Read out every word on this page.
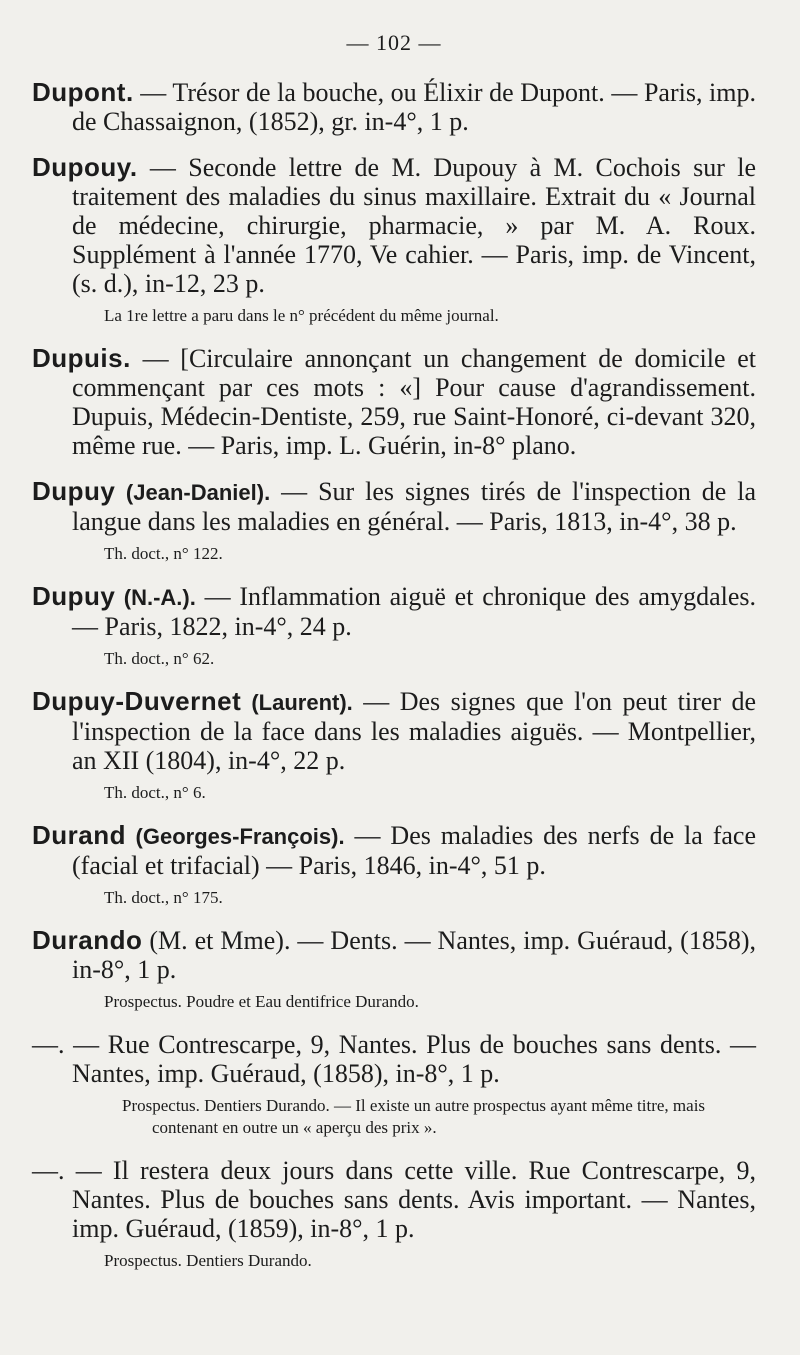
— 102 —
Dupont. — Trésor de la bouche, ou Élixir de Dupont. — Paris, imp. de Chassaignon, (1852), gr. in-4°, 1 p.
Dupouy. — Seconde lettre de M. Dupouy à M. Cochois sur le traitement des maladies du sinus maxillaire. Extrait du « Journal de médecine, chirurgie, pharmacie, » par M. A. Roux. Supplément à l'année 1770, Ve cahier. — Paris, imp. de Vincent, (s. d.), in-12, 23 p.
La 1re lettre a paru dans le n° précédent du même journal.
Dupuis. — [Circulaire annonçant un changement de domicile et commençant par ces mots : «] Pour cause d'agrandissement. Dupuis, Médecin-Dentiste, 259, rue Saint-Honoré, ci-devant 320, même rue. — Paris, imp. L. Guérin, in-8° plano.
Dupuy (Jean-Daniel). — Sur les signes tirés de l'inspection de la langue dans les maladies en général. — Paris, 1813, in-4°, 38 p.
Th. doct., n° 122.
Dupuy (N.-A.). — Inflammation aiguë et chronique des amygdales. — Paris, 1822, in-4°, 24 p.
Th. doct., n° 62.
Dupuy-Duvernet (Laurent). — Des signes que l'on peut tirer de l'inspection de la face dans les maladies aiguës. — Montpellier, an XII (1804), in-4°, 22 p.
Th. doct., n° 6.
Durand (Georges-François). — Des maladies des nerfs de la face (facial et trifacial) — Paris, 1846, in-4°, 51 p.
Th. doct., n° 175.
Durando (M. et Mme). — Dents. — Nantes, imp. Guéraud, (1858), in-8°, 1 p.
Prospectus. Poudre et Eau dentifrice Durando.
—. — Rue Contrescarpe, 9, Nantes. Plus de bouches sans dents. — Nantes, imp. Guéraud, (1858), in-8°, 1 p.
Prospectus. Dentiers Durando. — Il existe un autre prospectus ayant même titre, mais contenant en outre un « aperçu des prix ».
—. — Il restera deux jours dans cette ville. Rue Contrescarpe, 9, Nantes. Plus de bouches sans dents. Avis important. — Nantes, imp. Guéraud, (1859), in-8°, 1 p.
Prospectus. Dentiers Durando.
